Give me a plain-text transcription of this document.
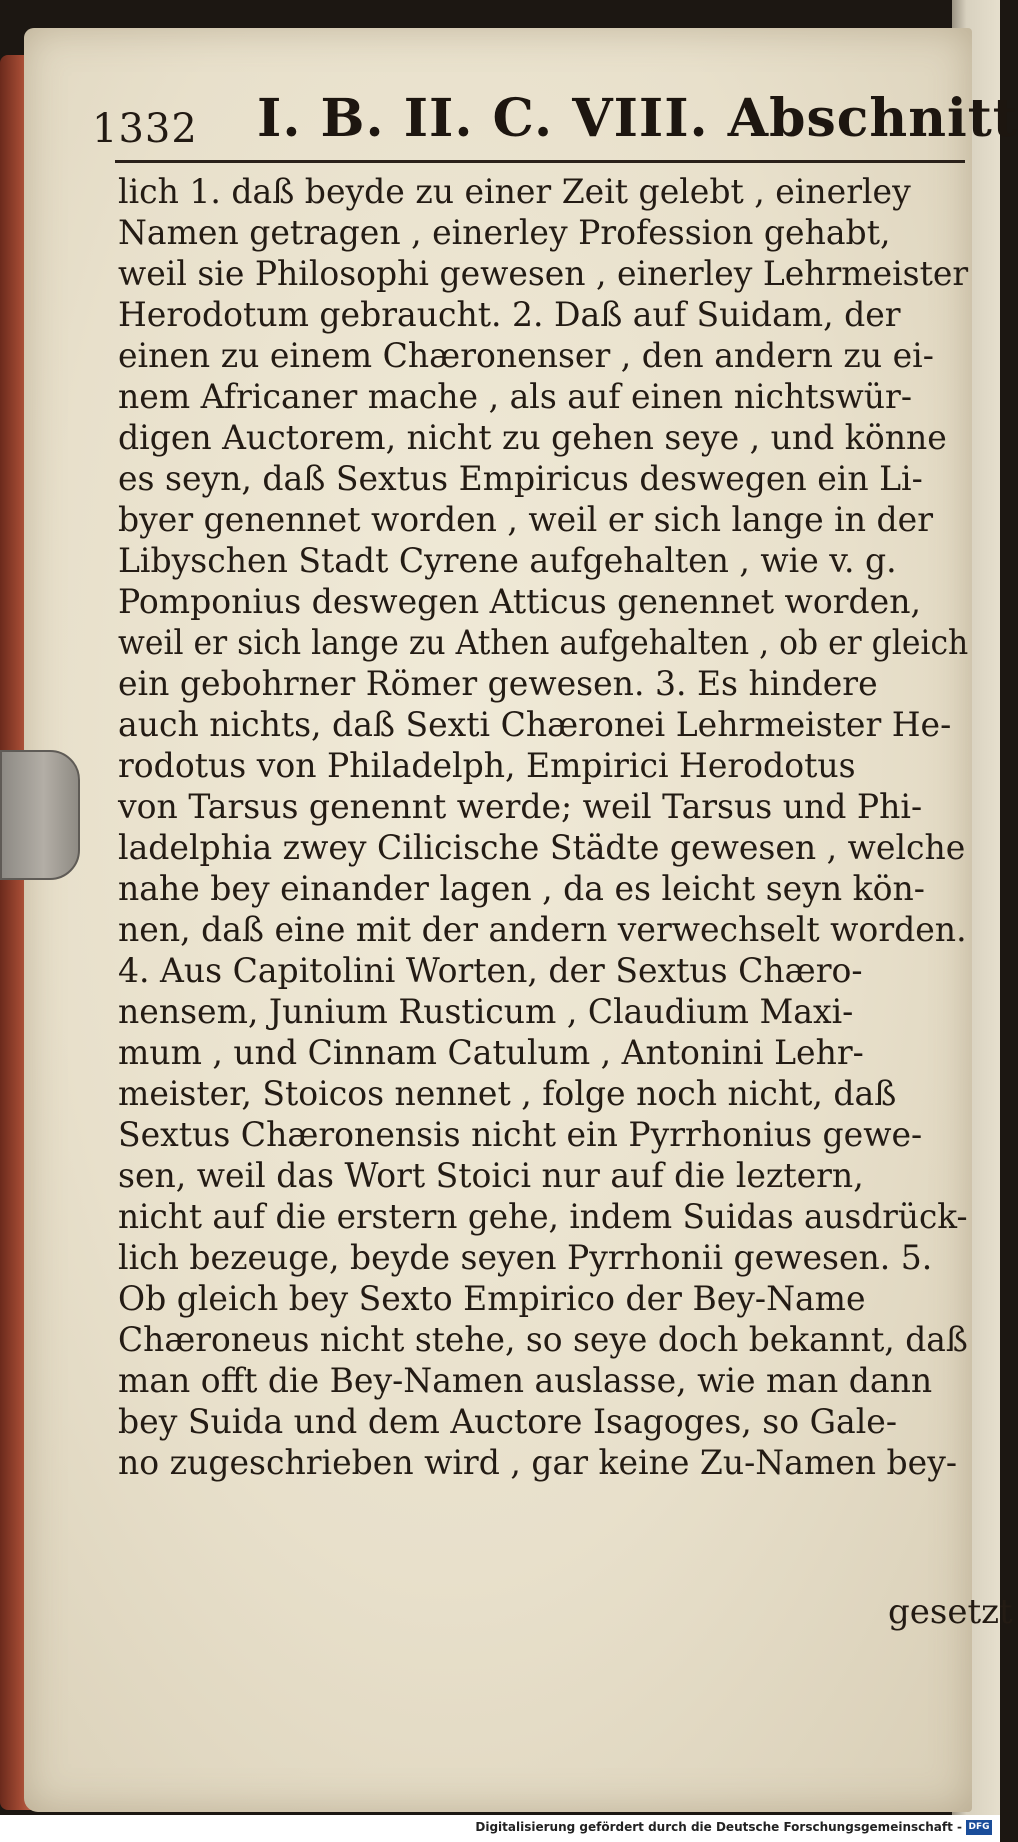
1332 I. B. II. C. VIII. Abschnitt
lich 1. daß beyde zu einer Zeit gelebt , einerley
Namen getragen , einerley Profession gehabt,
weil sie Philosophi gewesen , einerley Lehrmeister
Herodotum gebraucht. 2. Daß auf Suidam, der
einen zu einem Chæronenser , den andern zu ei-
nem Africaner mache , als auf einen nichtswür-
digen Auctorem, nicht zu gehen seye , und könne
es seyn, daß Sextus Empiricus deswegen ein Li-
byer genennet worden , weil er sich lange in der
Libyschen Stadt Cyrene aufgehalten , wie v. g.
Pomponius deswegen Atticus genennet worden,
weil er sich lange zu Athen aufgehalten , ob er gleich
ein gebohrner Römer gewesen. 3. Es hindere
auch nichts, daß Sexti Chæronei Lehrmeister He-
rodotus von Philadelph, Empirici Herodotus
von Tarsus genennt werde; weil Tarsus und Phi-
ladelphia zwey Cilicische Städte gewesen , welche
nahe bey einander lagen , da es leicht seyn kön-
nen, daß eine mit der andern verwechselt worden.
4. Aus Capitolini Worten, der Sextus Chæro-
nensem, Junium Rusticum , Claudium Maxi-
mum , und Cinnam Catulum , Antonini Lehr-
meister, Stoicos nennet , folge noch nicht, daß
Sextus Chæronensis nicht ein Pyrrhonius gewe-
sen, weil das Wort Stoici nur auf die leztern,
nicht auf die erstern gehe, indem Suidas ausdrück-
lich bezeuge, beyde seyen Pyrrhonii gewesen. 5.
Ob gleich bey Sexto Empirico der Bey-Name
Chæroneus nicht stehe, so seye doch bekannt, daß
man offt die Bey-Namen auslasse, wie man dann
bey Suida und dem Auctore Isagoges, so Gale-
no zugeschrieben wird , gar keine Zu-Namen bey-
gesetzt
Digitalisierung gefördert durch die Deutsche Forschungsgemeinschaft - DFG
